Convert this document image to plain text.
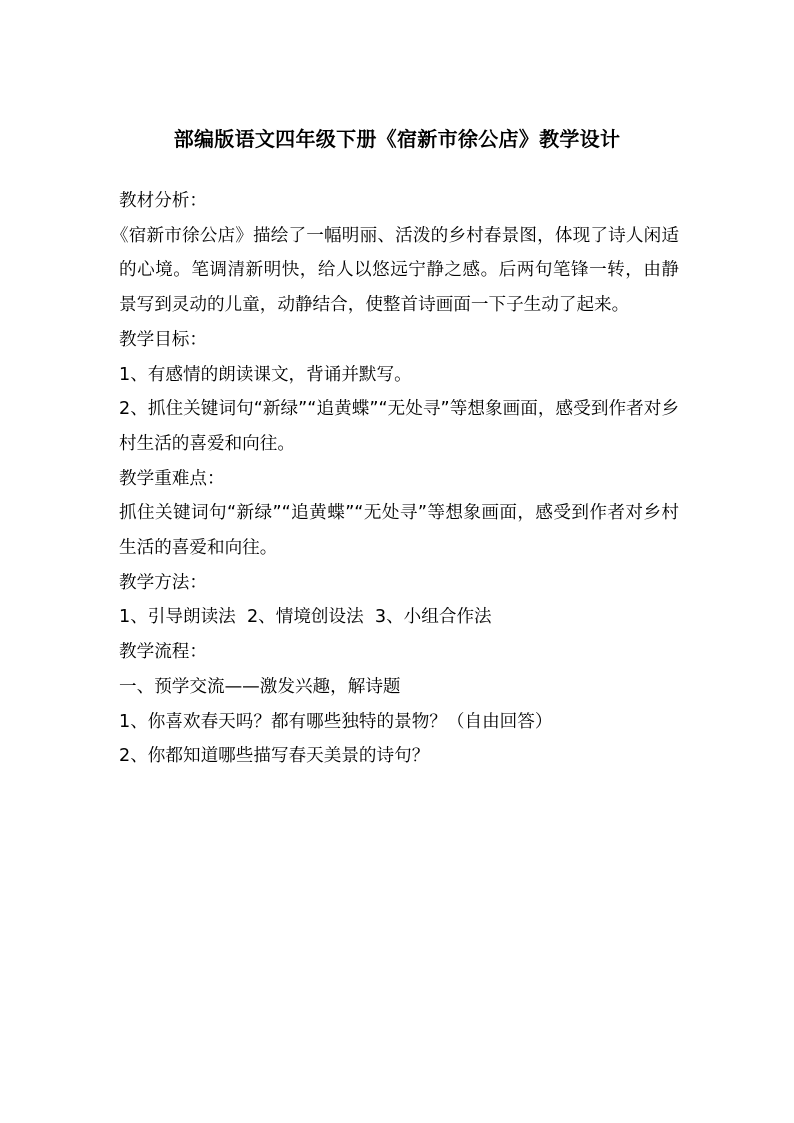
部编版语文四年级下册《宿新市徐公店》教学设计

教材分析：

《宿新市徐公店》描绘了一幅明丽、活泼的乡村春景图，体现了诗人闲适的心境。笔调清新明快，给人以悠远宁静之感。后两句笔锋一转，由静景写到灵动的儿童，动静结合，使整首诗画面一下子生动了起来。

教学目标：

1、有感情的朗读课文，背诵并默写。

2、抓住关键词句“新绿”“追黄蝶”“无处寻”等想象画面，感受到作者对乡村生活的喜爱和向往。

教学重难点：

抓住关键词句“新绿”“追黄蝶”“无处寻”等想象画面，感受到作者对乡村生活的喜爱和向往。

教学方法：

1、引导朗读法  2、情境创设法  3、小组合作法

教学流程：

一、预学交流——激发兴趣，解诗题

1、你喜欢春天吗？都有哪些独特的景物？（自由回答）

2、你都知道哪些描写春天美景的诗句？
